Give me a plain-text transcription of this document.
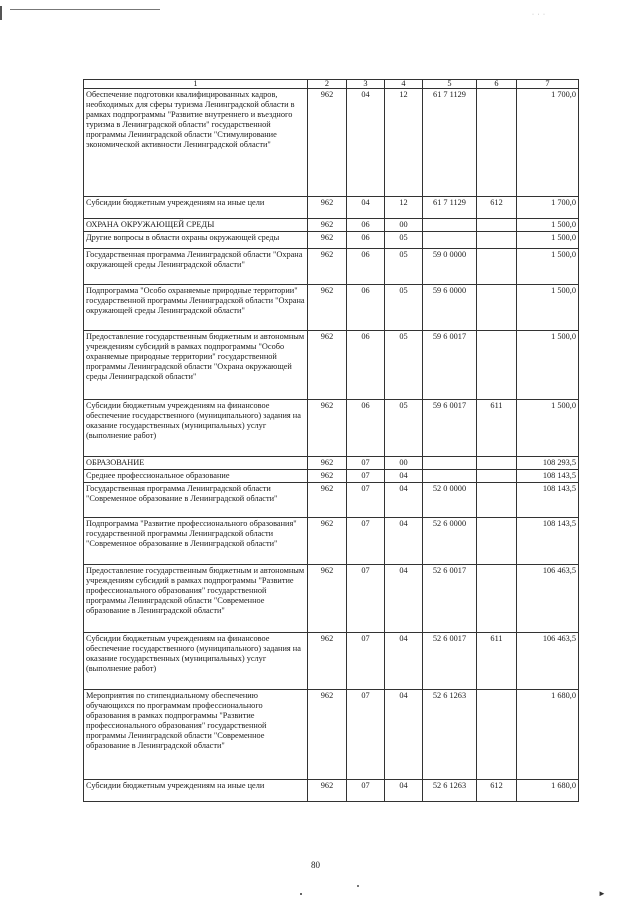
· · ·
1	2	3	4	5	6	7
Обеспечение подготовки квалифицированных кадров, необходимых для сферы туризма Ленинградской области в рамках подпрограммы "Развитие внутреннего и въездного туризма в Ленинградской области" государственной программы Ленинградской области "Стимулирование экономической активности Ленинградской области"	962	04	12	61 7 1129		1 700,0
Субсидии бюджетным учреждениям на иные цели	962	04	12	61 7 1129	612	1 700,0
ОХРАНА ОКРУЖАЮЩЕЙ СРЕДЫ	962	06	00			1 500,0
Другие вопросы в области охраны окружающей среды	962	06	05			1 500,0
Государственная программа Ленинградской области "Охрана окружающей среды Ленинградской области"	962	06	05	59 0 0000		1 500,0
Подпрограмма "Особо охраняемые природные территории" государственной программы Ленинградской области "Охрана окружающей среды Ленинградской области"	962	06	05	59 6 0000		1 500,0
Предоставление государственным бюджетным и автономным учреждениям субсидий в рамках подпрограммы "Особо охраняемые природные территории" государственной программы Ленинградской области "Охрана окружающей среды Ленинградской области"	962	06	05	59 6 0017		1 500,0
Субсидии бюджетным учреждениям на финансовое обеспечение государственного (муниципального) задания на оказание государственных (муниципальных) услуг (выполнение работ)	962	06	05	59 6 0017	611	1 500,0
ОБРАЗОВАНИЕ	962	07	00			108 293,5
Среднее профессиональное образование	962	07	04			108 143,5
Государственная программа Ленинградской области "Современное образование в Ленинградской области"	962	07	04	52 0 0000		108 143,5
Подпрограмма "Развитие профессионального образования" государственной программы Ленинградской области "Современное образование в Ленинградской области"	962	07	04	52 6 0000		108 143,5
Предоставление государственным бюджетным и автономным учреждениям субсидий в рамках подпрограммы "Развитие профессионального образования" государственной программы Ленинградской области "Современное образование в Ленинградской области"	962	07	04	52 6 0017		106 463,5
Субсидии бюджетным учреждениям на финансовое обеспечение государственного (муниципального) задания на оказание государственных (муниципальных) услуг (выполнение работ)	962	07	04	52 6 0017	611	106 463,5
Мероприятия по стипендиальному обеспечению обучающихся по программам профессионального образования в рамках подпрограммы "Развитие профессионального образования" государственной программы Ленинградской области "Современное образование в Ленинградской области"	962	07	04	52 6 1263		1 680,0
Субсидии бюджетным учреждениям на иные цели	962	07	04	52 6 1263	612	1 680,0
80
►
